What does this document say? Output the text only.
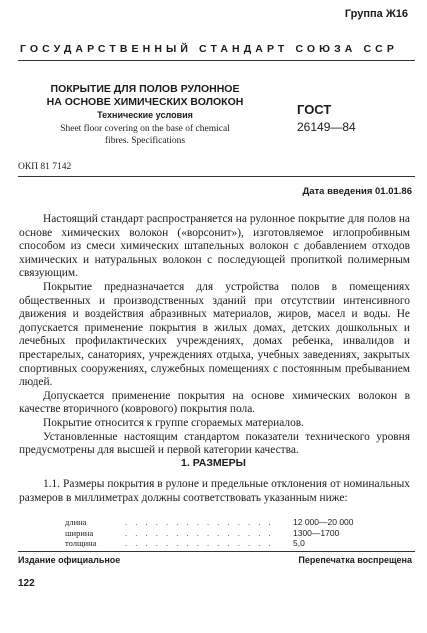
Группа Ж16
ГОСУДАРСТВЕННЫЙ СТАНДАРТ СОЮЗА ССР
ПОКРЫТИЕ ДЛЯ ПОЛОВ РУЛОННОЕ
НА ОСНОВЕ ХИМИЧЕСКИХ ВОЛОКОН
Технические условия
Sheet floor covering on the base of chemical
fibres. Specifications
ГОСТ
26149—84
ОКП 81 7142
Дата введения 01.01.86

Настоящий стандарт распространяется на рулонное покрытие для полов на основе химических волокон («ворсонит»), изготовляемое иглопробивным способом из смеси химических штапельных волокон с добавлением отходов химических и натуральных волокон с последующей пропиткой полимерным связующим.

Покрытие предназначается для устройства полов в помещениях общественных и производственных зданий при отсутствии интенсивного движения и воздействия абразивных материалов, жиров, масел и воды. Не допускается применение покрытия в жилых домах, детских дошкольных и лечебных профилактических учреждениях, домах ребенка, инвалидов и престарелых, санаториях, учреждениях отдыха, учебных заведениях, закрытых спортивных сооружениях, служебных помещениях с постоянным пребыванием людей.

Допускается применение покрытия на основе химических волокон в качестве вторичного (коврового) покрытия пола.

Покрытие относится к группе сгораемых материалов.

Установленные настоящим стандартом показатели технического уровня предусмотрены для высшей и первой категории качества.

1. РАЗМЕРЫ

1.1. Размеры покрытия в рулоне и предельные отклонения от номинальных размеров в миллиметрах должны соответствовать указанным ниже:

длина	. . . . . . . . . . . . . . .	12 000—20 000
ширина	. . . . . . . . . . . . . . .	1300—1700
толщина	. . . . . . . . . . . . . . .	5,0
Издание официальное	Перепечатка воспрещена
122
